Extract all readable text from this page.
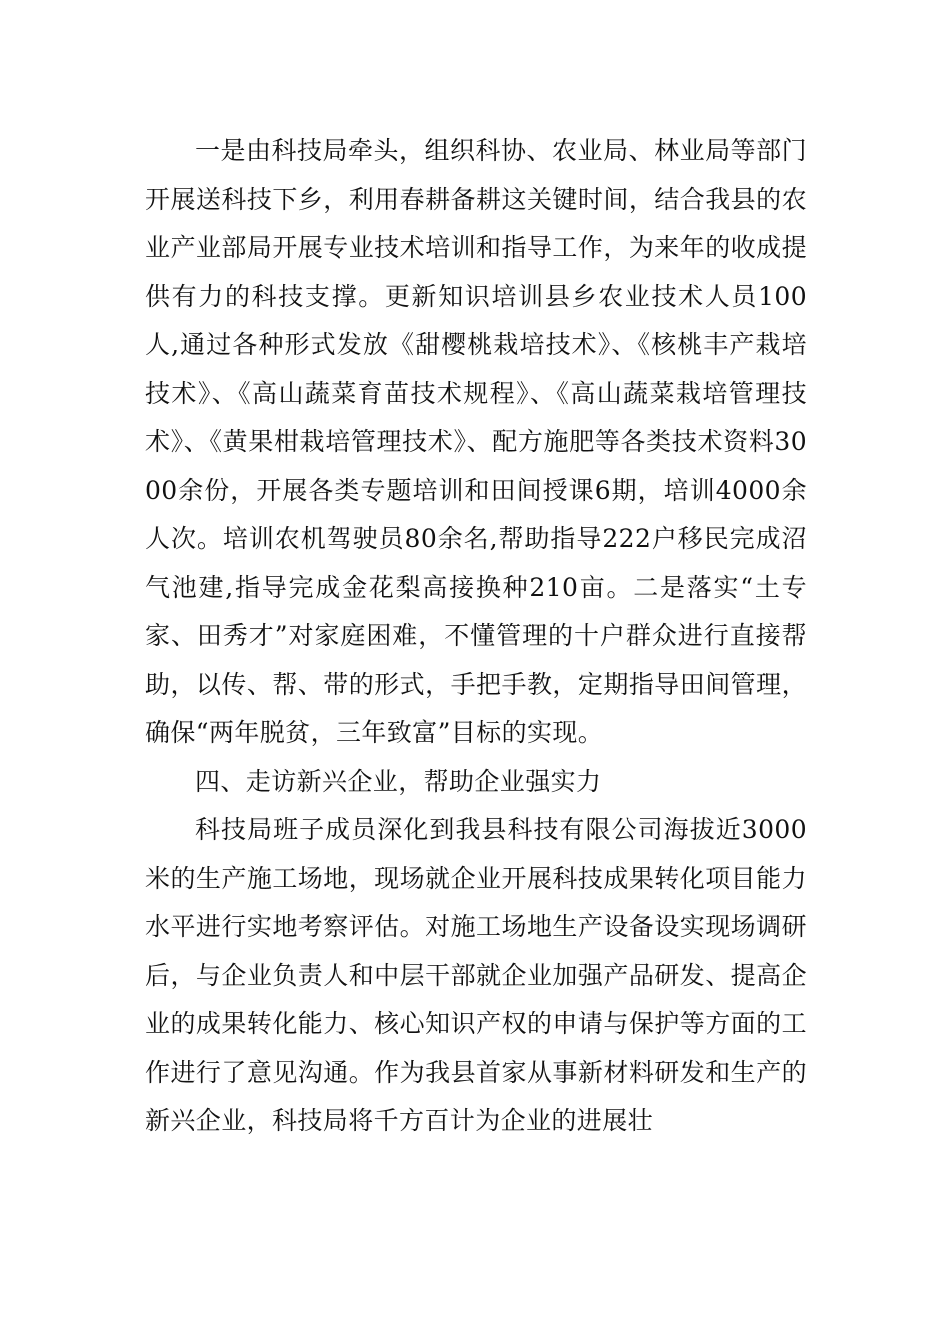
一是由科技局牵头，组织科协、农业局、林业局等部门开展送科技下乡，利用春耕备耕这关键时间，结合我县的农业产业部局开展专业技术培训和指导工作，为来年的收成提供有力的科技支撑。更新知识培训县乡农业技术人员100人,通过各种形式发放《甜樱桃栽培技术》、《核桃丰产栽培技术》、《高山蔬菜育苗技术规程》、《高山蔬菜栽培管理技术》、《黄果柑栽培管理技术》、配方施肥等各类技术资料3000余份，开展各类专题培训和田间授课6期，培训4000余人次。培训农机驾驶员80余名,帮助指导222户移民完成沼气池建,指导完成金花梨高接换种210亩。二是落实“土专家、田秀才”对家庭困难，不懂管理的十户群众进行直接帮助，以传、帮、带的形式，手把手教，定期指导田间管理，确保“两年脱贫，三年致富”目标的实现。

四、走访新兴企业，帮助企业强实力

科技局班子成员深化到我县科技有限公司海拔近3000米的生产施工场地，现场就企业开展科技成果转化项目能力水平进行实地考察评估。对施工场地生产设备设实现场调研后，与企业负责人和中层干部就企业加强产品研发、提高企业的成果转化能力、核心知识产权的申请与保护等方面的工作进行了意见沟通。作为我县首家从事新材料研发和生产的新兴企业，科技局将千方百计为企业的进展壮
